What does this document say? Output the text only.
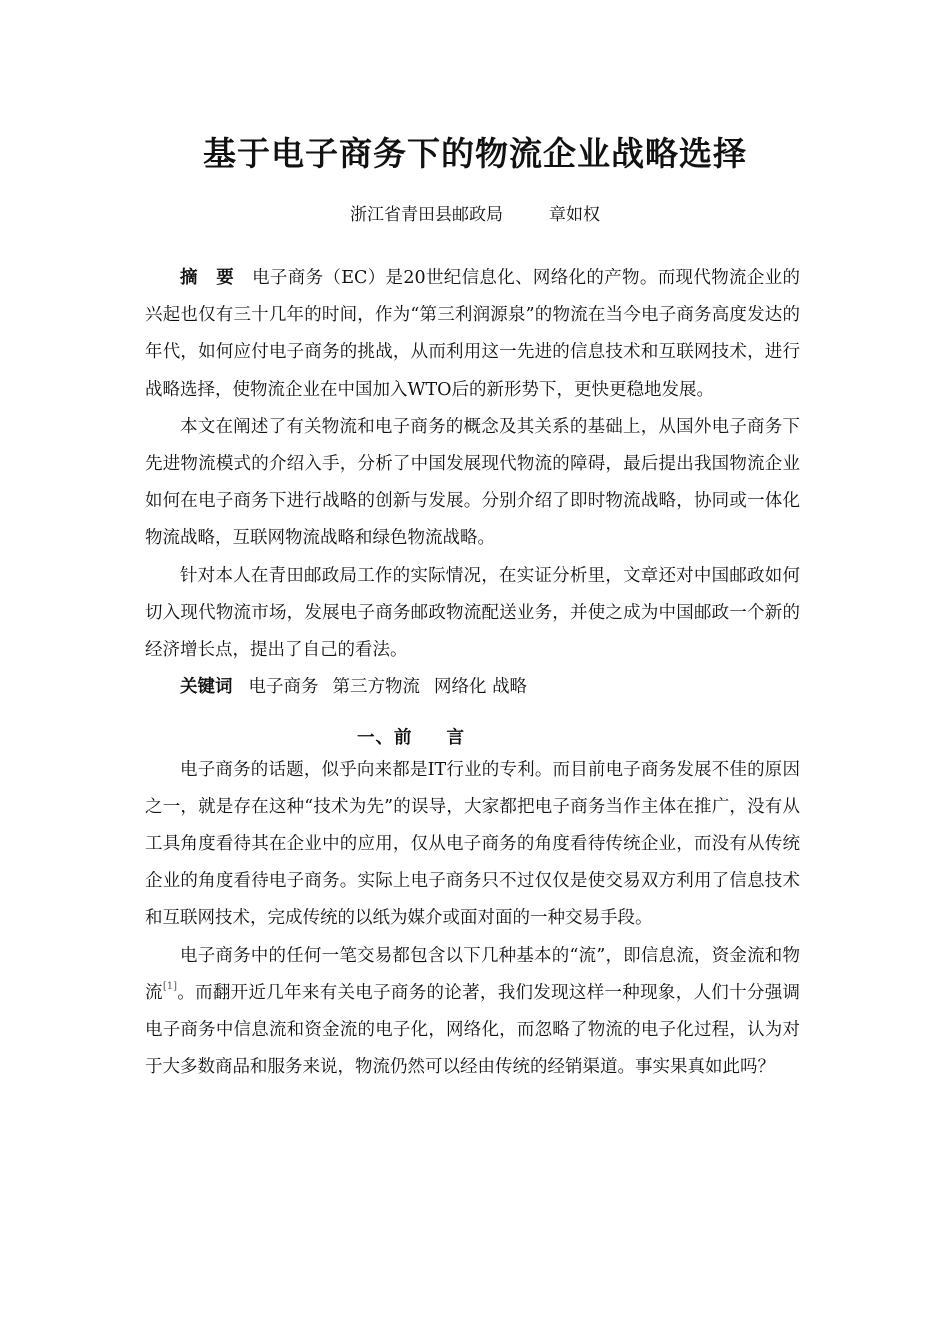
基于电子商务下的物流企业战略选择
浙江省青田县邮政局	章如权

摘 要 电子商务（EC）是20世纪信息化、网络化的产物。而现代物流企业的兴起也仅有三十几年的时间，作为“第三利润源泉”的物流在当今电子商务高度发达的年代，如何应付电子商务的挑战，从而利用这一先进的信息技术和互联网技术，进行战略选择，使物流企业在中国加入WTO后的新形势下，更快更稳地发展。

本文在阐述了有关物流和电子商务的概念及其关系的基础上，从国外电子商务下先进物流模式的介绍入手，分析了中国发展现代物流的障碍，最后提出我国物流企业如何在电子商务下进行战略的创新与发展。分别介绍了即时物流战略，协同或一体化物流战略，互联网物流战略和绿色物流战略。

针对本人在青田邮政局工作的实际情况，在实证分析里，文章还对中国邮政如何切入现代物流市场，发展电子商务邮政物流配送业务，并使之成为中国邮政一个新的经济增长点，提出了自己的看法。

关键词 电子商务 第三方物流 网络化 战略

一、前 言

电子商务的话题，似乎向来都是IT行业的专利。而目前电子商务发展不佳的原因之一，就是存在这种“技术为先”的误导，大家都把电子商务当作主体在推广，没有从工具角度看待其在企业中的应用，仅从电子商务的角度看待传统企业，而没有从传统企业的角度看待电子商务。实际上电子商务只不过仅仅是使交易双方利用了信息技术和互联网技术，完成传统的以纸为媒介或面对面的一种交易手段。

电子商务中的任何一笔交易都包含以下几种基本的“流”，即信息流，资金流和物流[1]。而翻开近几年来有关电子商务的论著，我们发现这样一种现象，人们十分强调电子商务中信息流和资金流的电子化，网络化，而忽略了物流的电子化过程，认为对于大多数商品和服务来说，物流仍然可以经由传统的经销渠道。事实果真如此吗？
